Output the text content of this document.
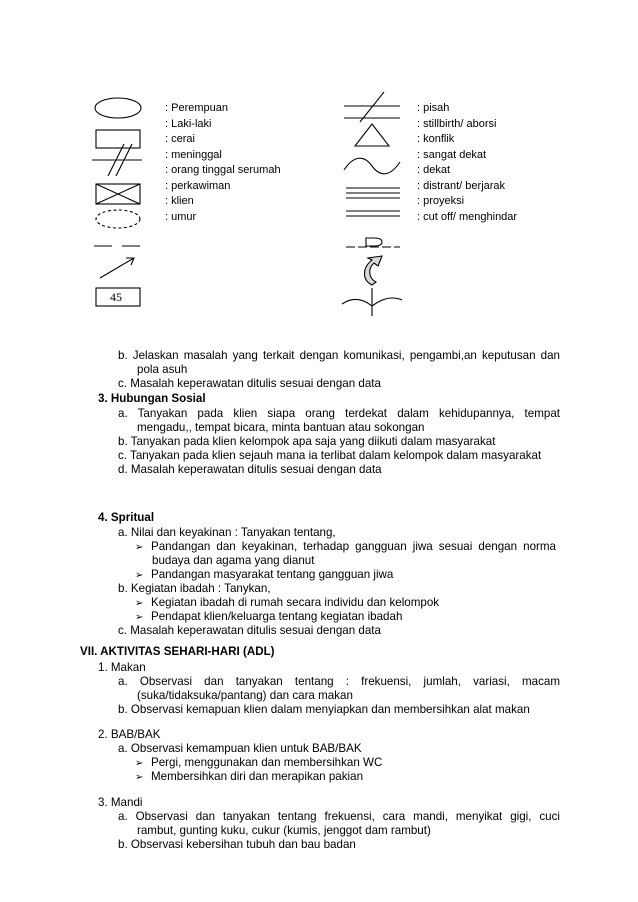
45
: Perempuan
: Laki-laki
: cerai
: meninggal
: orang tinggal serumah
: perkawiman
: klien
: umur
: pisah
: stillbirth/ aborsi
: konflik
: sangat dekat
: dekat
: distrant/ berjarak
: proyeksi
: cut off/ menghindar
b. Jelaskan masalah yang terkait dengan komunikasi, pengambi,an keputusan dan
pola asuh
c. Masalah keperawatan ditulis sesuai dengan data
3. Hubungan Sosial
a. Tanyakan pada klien siapa orang terdekat dalam kehidupannya, tempat
mengadu,, tempat bicara, minta bantuan atau sokongan
b. Tanyakan pada klien kelompok apa saja yang diikuti dalam masyarakat
c. Tanyakan pada klien sejauh mana ia terlibat dalam kelompok dalam masyarakat
d. Masalah keperawatan ditulis sesuai dengan data
4. Spritual
a. Nilai dan keyakinan : Tanyakan tentang,
➢ Pandangan dan keyakinan, terhadap gangguan jiwa sesuai dengan norma
budaya dan agama yang dianut
➢ Pandangan masyarakat tentang gangguan jiwa
b. Kegiatan ibadah : Tanykan,
➢ Kegiatan ibadah di rumah secara individu dan kelompok
➢ Pendapat klien/keluarga tentang kegiatan ibadah
c. Masalah keperawatan ditulis sesuai dengan data
VII. AKTIVITAS SEHARI-HARI (ADL)
1. Makan
a. Observasi dan tanyakan tentang : frekuensi, jumlah, variasi, macam
(suka/tidaksuka/pantang) dan cara makan
b. Observasi kemapuan klien dalam menyiapkan dan membersihkan alat makan
2. BAB/BAK
a. Observasi kemampuan klien untuk BAB/BAK
➢ Pergi, menggunakan dan membersihkan WC
➢ Membersihkan diri dan merapikan pakian
3. Mandi
a. Observasi dan tanyakan tentang frekuensi, cara mandi, menyikat gigi, cuci
rambut, gunting kuku, cukur (kumis, jenggot dam rambut)
b. Observasi kebersihan tubuh dan bau badan
